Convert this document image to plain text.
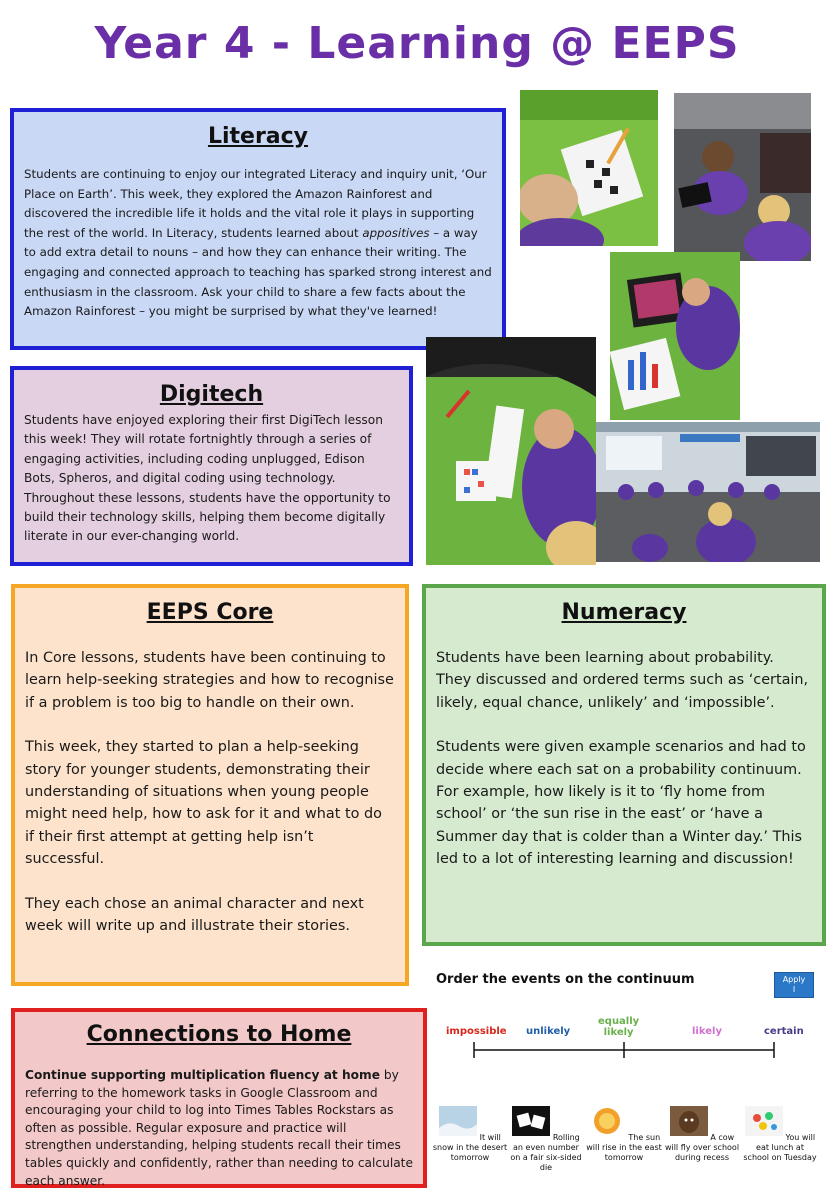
Year 4 - Learning @ EEPS
Literacy

Students are continuing to enjoy our integrated Literacy and inquiry unit, ‘Our Place on Earth’. This week, they explored the Amazon Rainforest and discovered the incredible life it holds and the vital role it plays in supporting the rest of the world. In Literacy, students learned about appositives – a way to add extra detail to nouns – and how they can enhance their writing. The engaging and connected approach to teaching has sparked strong interest and enthusiasm in the classroom. Ask your child to share a few facts about the Amazon Rainforest – you might be surprised by what they've learned!

Digitech

Students have enjoyed exploring their first DigiTech lesson this week! They will rotate fortnightly through a series of engaging activities, including coding unplugged, Edison Bots, Spheros, and digital coding using technology. Throughout these lessons, students have the opportunity to build their technology skills, helping them become digitally literate in our ever-changing world.

EEPS Core

In Core lessons, students have been continuing to learn help-seeking strategies and how to recognise if a problem is too big to handle on their own.

This week, they started to plan a help-seeking story for younger students, demonstrating their understanding of situations when young people might need help, how to ask for it and what to do if their first attempt at getting help isn’t successful.

They each chose an animal character and next week will write up and illustrate their stories.

Numeracy

Students have been learning about probability. They discussed and ordered terms such as ‘certain, likely, equal chance, unlikely’ and ‘impossible’.

Students were given example scenarios and had to decide where each sat on a probability continuum. For example, how likely is it to ‘fly home from school’ or ‘the sun rise in the east’ or ‘have a Summer day that is colder than a Winter day.’ This led to a lot of interesting learning and discussion!

Connections to Home

Continue supporting multiplication fluency at home by referring to the homework tasks in Google Classroom and encouraging your child to log into Times Tables Rockstars as often as possible. Regular exposure and practice will strengthen understanding, helping students recall their times tables quickly and confidently, rather than needing to calculate each answer.

Order the events on the continuum	Apply
I
impossible unlikely
equally
likely	likely	certain
It will snow in the desert tomorrow
Rolling an even number on a fair six-sided die
The sun will rise in the east tomorrow
A cow will fly over school during recess
You will eat lunch at school on Tuesday
